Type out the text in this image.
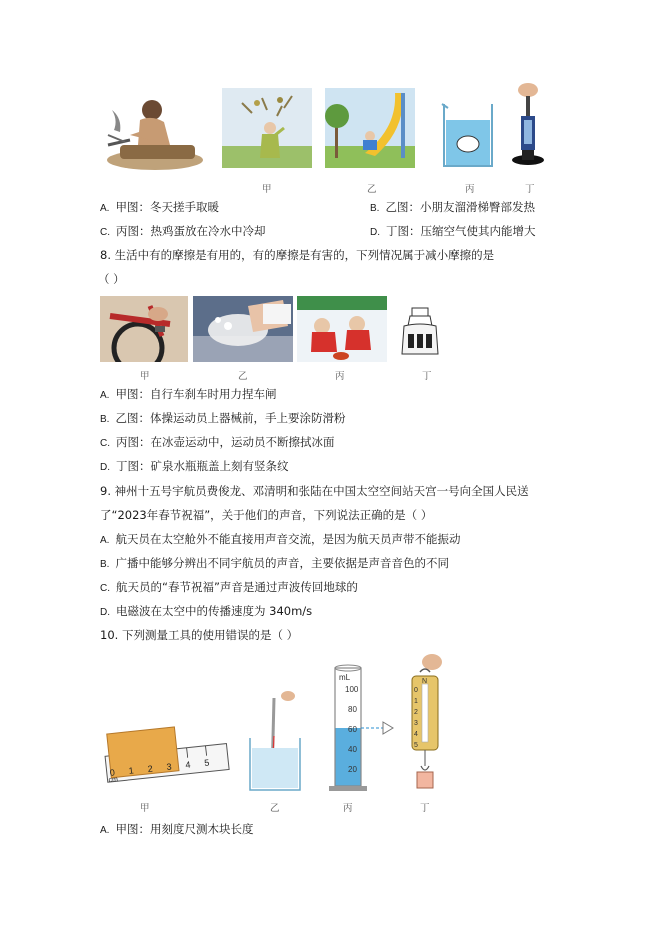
甲	乙	丙	丁
A. 甲图：冬天搓手取暖	B. 乙图：小朋友溜滑梯臀部发热
C. 丙图：热鸡蛋放在冷水中冷却	D. 丁图：压缩空气使其内能增大
8. 生活中有的摩擦是有用的，有的摩擦是有害的，下列情况属于减小摩擦的是
（ ）
甲	乙	丙	丁
A. 甲图：自行车刹车时用力捏车闸
B. 乙图：体操运动员上器械前，手上要涂防滑粉
C. 丙图：在冰壶运动中，运动员不断擦拭冰面
D. 丁图：矿泉水瓶瓶盖上刻有竖条纹
9. 神州十五号宇航员费俊龙、邓清明和张陆在中国太空空间站天宫一号向全国人民送
了“2023年春节祝福”，关于他们的声音，下列说法正确的是（ ）
A. 航天员在太空舱外不能直接用声音交流，是因为航天员声带不能振动
B. 广播中能够分辨出不同宇航员的声音，主要依据是声音音色的不同
C. 航天员的“春节祝福”声音是通过声波传回地球的
D. 电磁波在太空中的传播速度为 340m/s
10. 下列测量工具的使用错误的是（ ）
0 1 2 3 4 5
cm
甲	乙
mL
100
80
60
40
20
丙
N
0
1
2
3
4
5
丁
A. 甲图：用刻度尺测木块长度
